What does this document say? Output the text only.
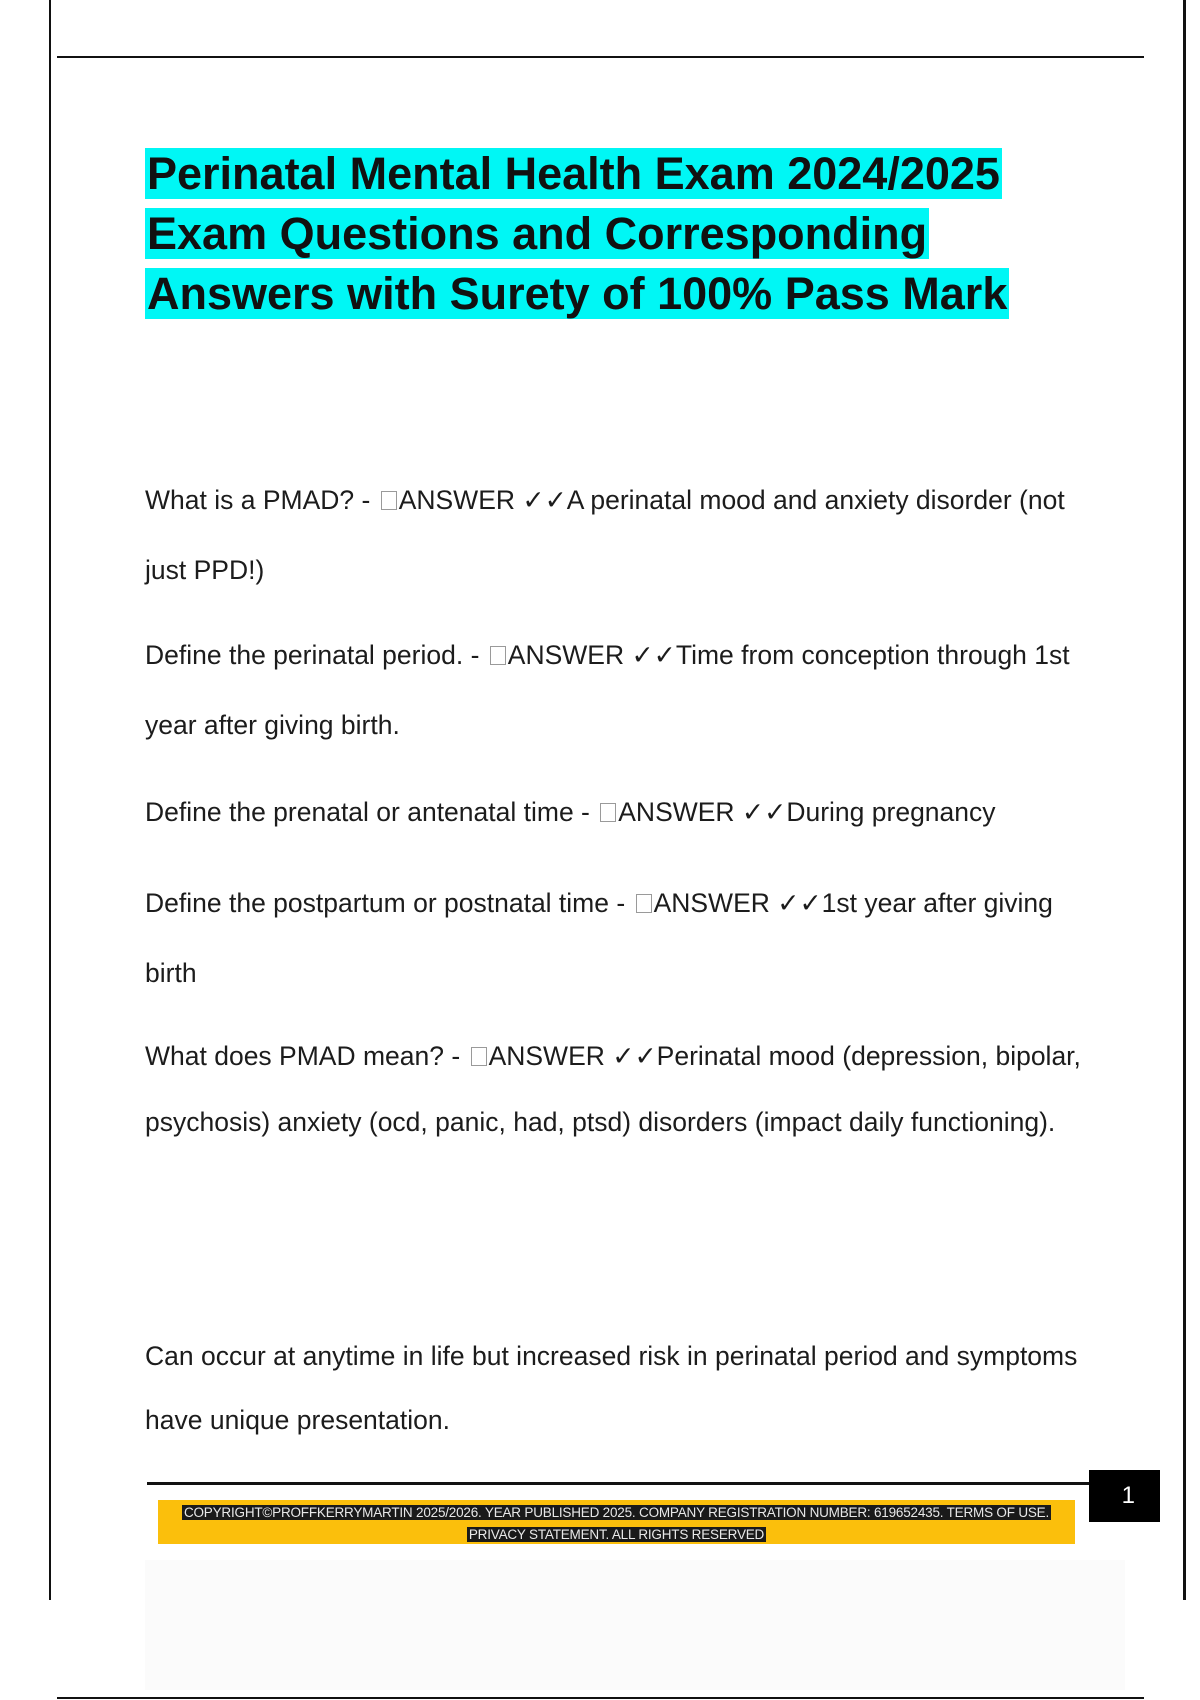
Perinatal Mental Health Exam 2024/2025 Exam Questions and Corresponding Answers with Surety of 100% Pass Mark

What is a PMAD? - ANSWER ✓✓A perinatal mood and anxiety disorder (not just PPD!)

Define the perinatal period. - ANSWER ✓✓Time from conception through 1st year after giving birth.

Define the prenatal or antenatal time - ANSWER ✓✓During pregnancy

Define the postpartum or postnatal time - ANSWER ✓✓1st year after giving birth

What does PMAD mean? - ANSWER ✓✓Perinatal mood (depression, bipolar, psychosis) anxiety (ocd, panic, had, ptsd) disorders (impact daily functioning).

Can occur at anytime in life but increased risk in perinatal period and symptoms have unique presentation.

1
COPYRIGHT©PROFFKERRYMARTIN 2025/2026. YEAR PUBLISHED 2025. COMPANY REGISTRATION NUMBER: 619652435. TERMS OF USE. PRIVACY STATEMENT. ALL RIGHTS RESERVED
